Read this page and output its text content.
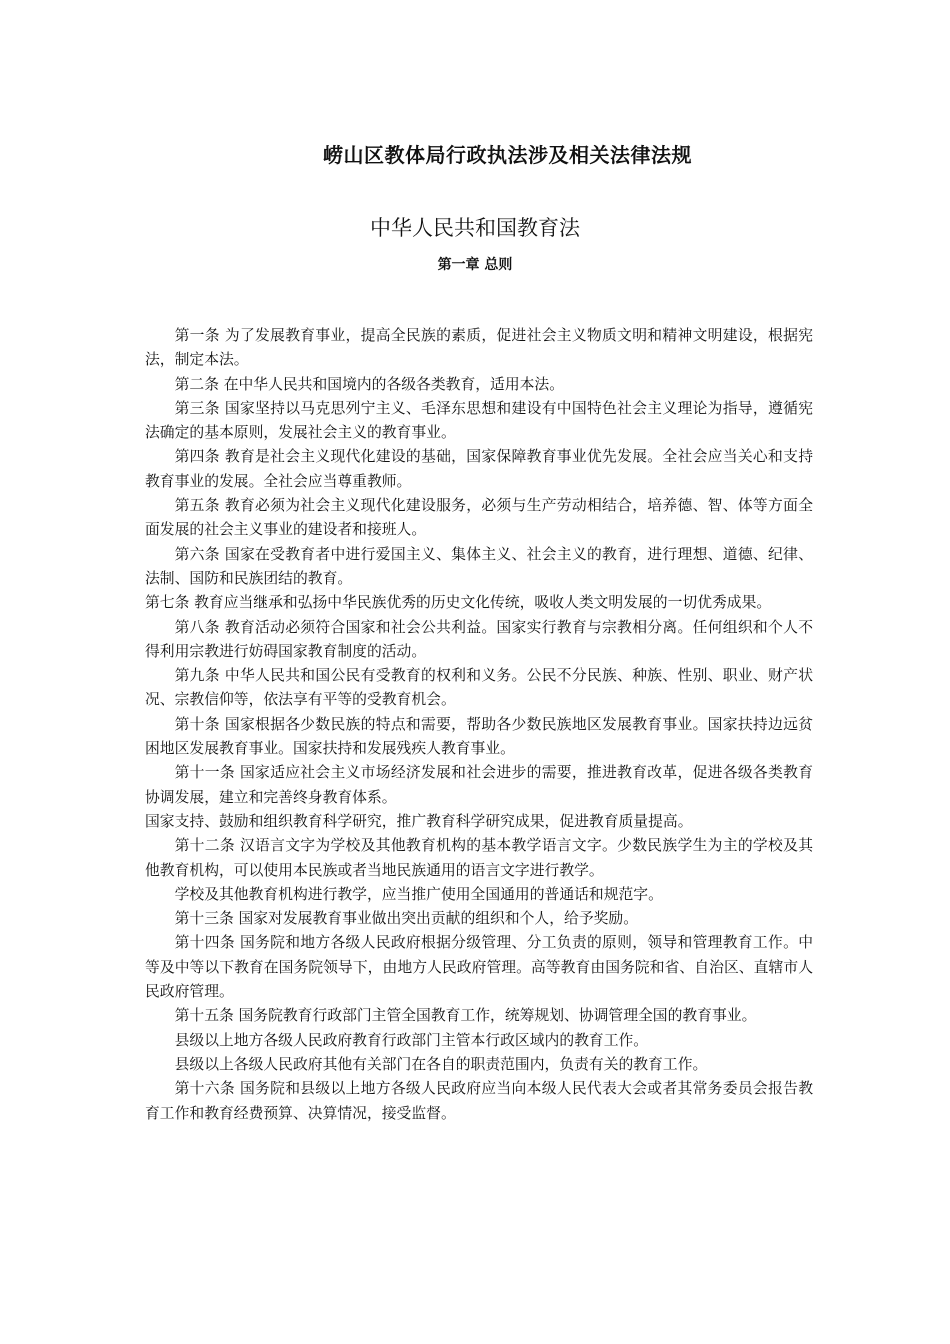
崂山区教体局行政执法涉及相关法律法规
中华人民共和国教育法
第一章 总则

第一条 为了发展教育事业，提高全民族的素质，促进社会主义物质文明和精神文明建设，根据宪法，制定本法。

第二条 在中华人民共和国境内的各级各类教育，适用本法。

第三条 国家坚持以马克思列宁主义、毛泽东思想和建设有中国特色社会主义理论为指导，遵循宪法确定的基本原则，发展社会主义的教育事业。

第四条 教育是社会主义现代化建设的基础，国家保障教育事业优先发展。全社会应当关心和支持教育事业的发展。全社会应当尊重教师。

第五条 教育必须为社会主义现代化建设服务，必须与生产劳动相结合，培养德、智、体等方面全面发展的社会主义事业的建设者和接班人。

第六条 国家在受教育者中进行爱国主义、集体主义、社会主义的教育，进行理想、道德、纪律、法制、国防和民族团结的教育。

第七条 教育应当继承和弘扬中华民族优秀的历史文化传统，吸收人类文明发展的一切优秀成果。

第八条 教育活动必须符合国家和社会公共利益。国家实行教育与宗教相分离。任何组织和个人不得利用宗教进行妨碍国家教育制度的活动。

第九条 中华人民共和国公民有受教育的权利和义务。公民不分民族、种族、性别、职业、财产状况、宗教信仰等，依法享有平等的受教育机会。

第十条 国家根据各少数民族的特点和需要，帮助各少数民族地区发展教育事业。国家扶持边远贫困地区发展教育事业。国家扶持和发展残疾人教育事业。

第十一条 国家适应社会主义市场经济发展和社会进步的需要，推进教育改革，促进各级各类教育协调发展，建立和完善终身教育体系。

国家支持、鼓励和组织教育科学研究，推广教育科学研究成果，促进教育质量提高。

第十二条 汉语言文字为学校及其他教育机构的基本教学语言文字。少数民族学生为主的学校及其他教育机构，可以使用本民族或者当地民族通用的语言文字进行教学。

学校及其他教育机构进行教学，应当推广使用全国通用的普通话和规范字。

第十三条 国家对发展教育事业做出突出贡献的组织和个人，给予奖励。

第十四条 国务院和地方各级人民政府根据分级管理、分工负责的原则，领导和管理教育工作。中等及中等以下教育在国务院领导下，由地方人民政府管理。高等教育由国务院和省、自治区、直辖市人民政府管理。

第十五条 国务院教育行政部门主管全国教育工作，统筹规划、协调管理全国的教育事业。

县级以上地方各级人民政府教育行政部门主管本行政区域内的教育工作。

县级以上各级人民政府其他有关部门在各自的职责范围内，负责有关的教育工作。

第十六条 国务院和县级以上地方各级人民政府应当向本级人民代表大会或者其常务委员会报告教育工作和教育经费预算、决算情况，接受监督。
